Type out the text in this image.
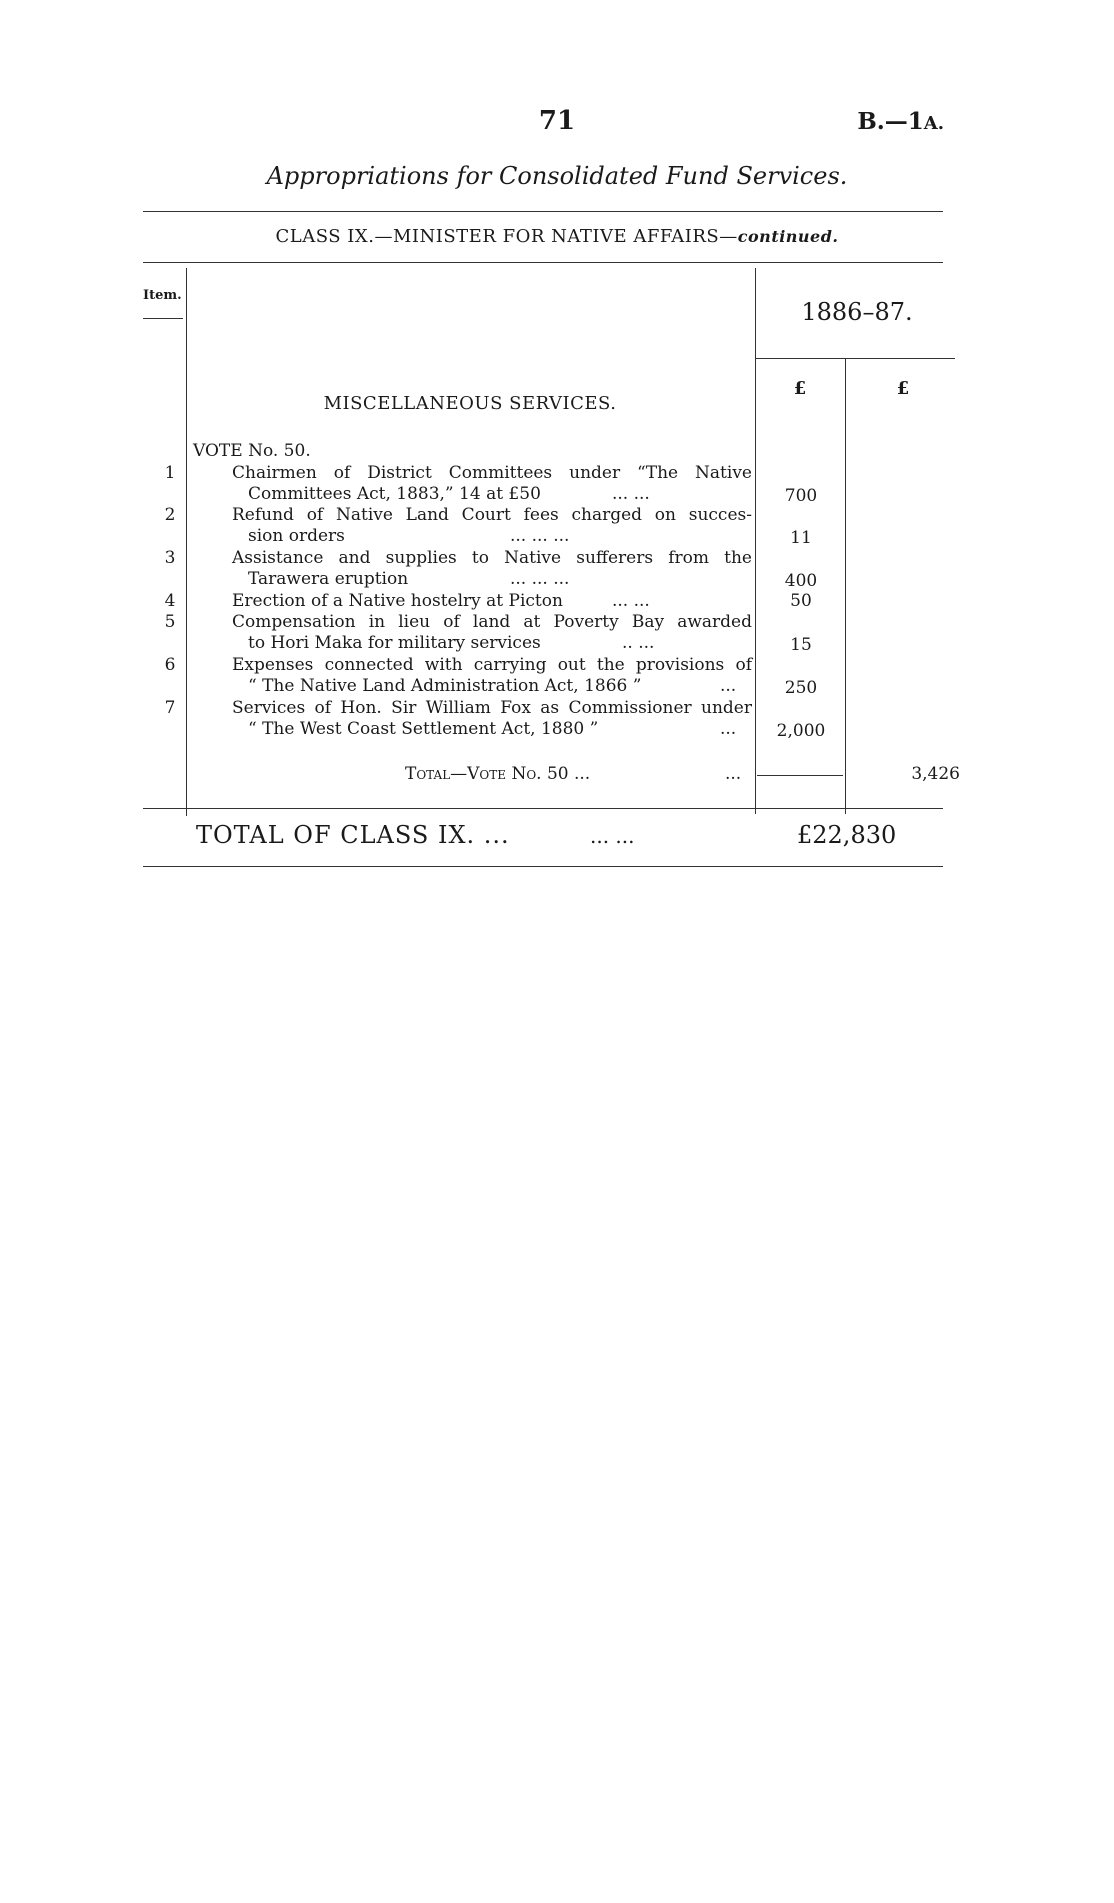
71	B.—1A.
Appropriations for Consolidated Fund Services.
CLASS IX.—MINISTER FOR NATIVE AFFAIRS—continued.
Item.
1886–87.
£	£
MISCELLANEOUS SERVICES.
VOTE No. 50.
1	Chairmen of District Committees under “The Native
Committees Act, 1883,” 14 at £50	... ...	700
2	Refund of Native Land Court fees charged on succes-
sion orders	... ... ...	11
3	Assistance and supplies to Native sufferers from the
Tarawera eruption	... ... ...	400
4	Erection of a Native hostelry at Picton	... ...	50
5	Compensation in lieu of land at Poverty Bay awarded
to Hori Maka for military services	.. ...	15
6	Expenses connected with carrying out the provisions of
“ The Native Land Administration Act, 1866 ”	...	250
7	Services of Hon. Sir William Fox as Commissioner under
“ The West Coast Settlement Act, 1880 ”	...	2,000
Total—Vote No. 50 ...	...	3,426
TOTAL OF CLASS IX. ...	... ...	£22,830
